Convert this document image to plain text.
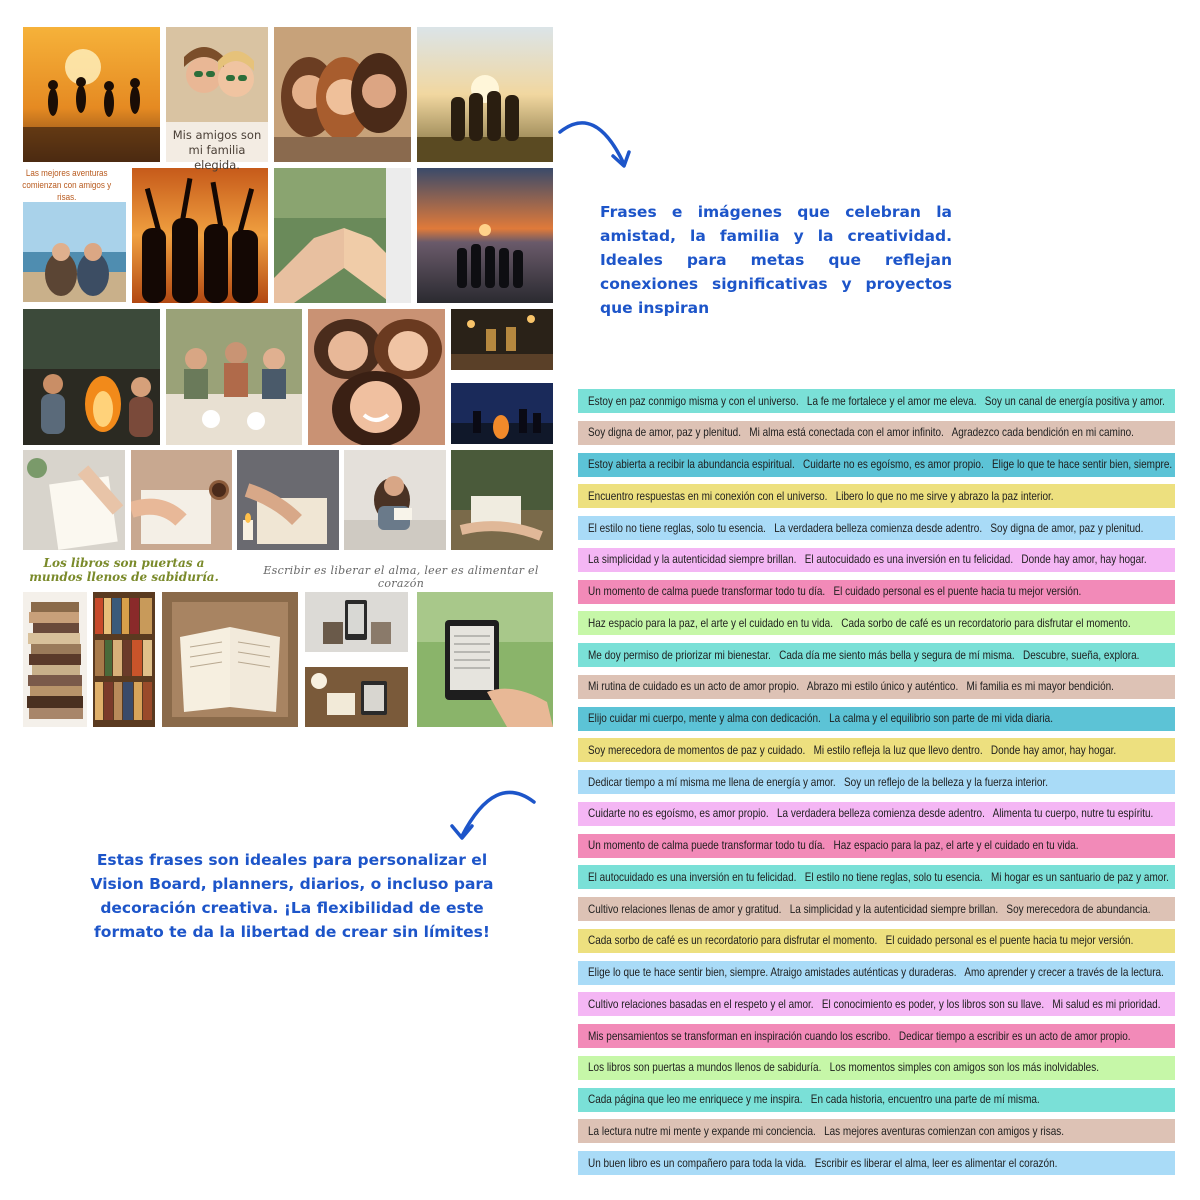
Mis amigos son mi familia elegida.
Las mejores aventuras comienzan con amigos y risas.
Los libros son puertas a mundos llenos de sabiduría.	Escribir es liberar el alma, leer es alimentar el corazón
Frases e imágenes que celebran la amistad, la familia y la creatividad. Ideales para metas que reflejan conexiones significativas y proyectos que inspiran
Estas frases son ideales para personalizar el Vision Board, planners, diarios, o incluso para decoración creativa. ¡La flexibilidad de este formato te da la libertad de crear sin límites!
Estoy en paz conmigo misma y con el universo.   La fe me fortalece y el amor me eleva.   Soy un canal de energía positiva y amor.
Soy digna de amor, paz y plenitud.   Mi alma está conectada con el amor infinito.   Agradezco cada bendición en mi camino.
Estoy abierta a recibir la abundancia espiritual.   Cuidarte no es egoísmo, es amor propio.   Elige lo que te hace sentir bien, siempre.
Encuentro respuestas en mi conexión con el universo.   Libero lo que no me sirve y abrazo la paz interior.
El estilo no tiene reglas, solo tu esencia.   La verdadera belleza comienza desde adentro.   Soy digna de amor, paz y plenitud.
La simplicidad y la autenticidad siempre brillan.   El autocuidado es una inversión en tu felicidad.   Donde hay amor, hay hogar.
Un momento de calma puede transformar todo tu día.   El cuidado personal es el puente hacia tu mejor versión.
Haz espacio para la paz, el arte y el cuidado en tu vida.   Cada sorbo de café es un recordatorio para disfrutar el momento.
Me doy permiso de priorizar mi bienestar.   Cada día me siento más bella y segura de mí misma.   Descubre, sueña, explora.
Mi rutina de cuidado es un acto de amor propio.   Abrazo mi estilo único y auténtico.   Mi familia es mi mayor bendición.
Elijo cuidar mi cuerpo, mente y alma con dedicación.   La calma y el equilibrio son parte de mi vida diaria.
Soy merecedora de momentos de paz y cuidado.   Mi estilo refleja la luz que llevo dentro.   Donde hay amor, hay hogar.
Dedicar tiempo a mí misma me llena de energía y amor.   Soy un reflejo de la belleza y la fuerza interior.
Cuidarte no es egoísmo, es amor propio.   La verdadera belleza comienza desde adentro.   Alimenta tu cuerpo, nutre tu espíritu.
Un momento de calma puede transformar todo tu día.   Haz espacio para la paz, el arte y el cuidado en tu vida.
El autocuidado es una inversión en tu felicidad.   El estilo no tiene reglas, solo tu esencia.   Mi hogar es un santuario de paz y amor.
Cultivo relaciones llenas de amor y gratitud.   La simplicidad y la autenticidad siempre brillan.   Soy merecedora de abundancia.
Cada sorbo de café es un recordatorio para disfrutar el momento.   El cuidado personal es el puente hacia tu mejor versión.
Elige lo que te hace sentir bien, siempre. Atraigo amistades auténticas y duraderas.   Amo aprender y crecer a través de la lectura.
Cultivo relaciones basadas en el respeto y el amor.   El conocimiento es poder, y los libros son su llave.   Mi salud es mi prioridad.
Mis pensamientos se transforman en inspiración cuando los escribo.   Dedicar tiempo a escribir es un acto de amor propio.
Los libros son puertas a mundos llenos de sabiduría.   Los momentos simples con amigos son los más inolvidables.
Cada página que leo me enriquece y me inspira.   En cada historia, encuentro una parte de mí misma.
La lectura nutre mi mente y expande mi conciencia.   Las mejores aventuras comienzan con amigos y risas.
Un buen libro es un compañero para toda la vida.   Escribir es liberar el alma, leer es alimentar el corazón.
